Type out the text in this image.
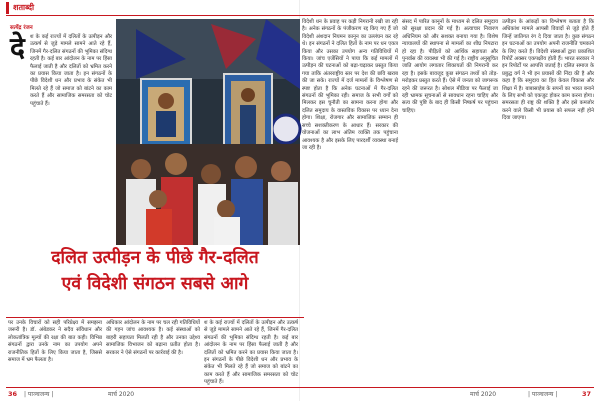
शताब्दी
सत्येंद्र रंजन
दे श के कई राज्यों में दलितों के उत्पीड़न और उत्कर्ष से जुड़े मामले सामने आते रहे हैं, जिनमें गैर-दलित संगठनों की भूमिका संदिग्ध रहती है। कई बार आंदोलन के नाम पर हिंसा फैलाई जाती है और दलितों को भ्रमित करने का प्रयास किया जाता है। इन संगठनों के पीछे विदेशी धन और प्रभाव के संकेत भी मिलते रहे हैं जो समाज को बांटने का काम करते हैं और सामाजिक समरसता को चोट पहुंचाते हैं।
दलित उत्पीड़न के पीछे गैर-दलित
एवं विदेशी संगठन सबसे आगे
पर उनके विचारों को सही परिप्रेक्ष्य में समझना जरूरी है। डॉ. अंबेडकर ने सदैव संविधान और लोकतांत्रिक मूल्यों की रक्षा की बात कही। विभिन्न संगठनों द्वारा उनके नाम का उपयोग अपने राजनीतिक हितों के लिए किया जाता है, जिससे समाज में भ्रम फैलता है।
अधिकार आंदोलन के नाम पर चल रही गतिविधियों की गहन जांच आवश्यक है। कई संस्थाओं को बाहरी सहायता मिलती रही है और उनका उद्देश्य सामाजिक विभाजन को बढ़ाना प्रतीत होता है। सरकार ने ऐसे संगठनों पर कार्रवाई की है।
श के कई राज्यों में दलितों के उत्पीड़न और उत्कर्ष से जुड़े मामले सामने आते रहे हैं, जिनमें गैर-दलित संगठनों की भूमिका संदिग्ध रहती है। कई बार आंदोलन के नाम पर हिंसा फैलाई जाती है और दलितों को भ्रमित करने का प्रयास किया जाता है। इन संगठनों के पीछे विदेशी धन और प्रभाव के संकेत भी मिलते रहे हैं जो समाज को बांटने का काम करते हैं और सामाजिक समरसता को चोट पहुंचाते हैं।
विदेशी धन के प्रवाह पर कड़ी निगरानी रखी जा रही है। अनेक संगठनों के पंजीकरण रद्द किए गए हैं जो विदेशी अंशदान नियमन कानून का उल्लंघन कर रहे थे। इन संगठनों ने दलित हितों के नाम पर धन एकत्र किया और उसका उपयोग अन्य गतिविधियों में किया। जांच एजेंसियों ने पाया कि कई मामलों में उत्पीड़न की घटनाओं को बढ़ा-चढ़ाकर प्रस्तुत किया गया ताकि अंतरराष्ट्रीय स्तर पर देश की छवि खराब की जा सके। राज्यों में दर्ज मामलों के विश्लेषण से स्पष्ट होता है कि अनेक घटनाओं में गैर-दलित संगठनों की भूमिका रही। समाज के सभी वर्गों को मिलकर इस चुनौती का सामना करना होगा और दलित समुदाय के वास्तविक विकास पर ध्यान देना होगा। शिक्षा, रोजगार और सामाजिक सम्मान ही सच्चे सशक्तीकरण के आधार हैं। सरकार की योजनाओं का लाभ अंतिम व्यक्ति तक पहुंचाना आवश्यक है और इसके लिए पारदर्शी व्यवस्था बनाई जा रही है।
संसद में पारित कानूनों के माध्यम से दलित समुदाय को सुरक्षा प्रदान की गई है। अत्याचार निवारण अधिनियम को और सशक्त बनाया गया है। विशेष न्यायालयों की स्थापना से मामलों का शीघ्र निपटारा हो रहा है। पीड़ितों को आर्थिक सहायता और पुनर्वास की व्यवस्था भी की गई है। राष्ट्रीय अनुसूचित जाति आयोग लगातार शिकायतों की निगरानी कर रहा है। इसके बावजूद कुछ संगठन तथ्यों को तोड़-मरोड़कर प्रस्तुत करते हैं। ऐसे में जनता को जागरूक रहने की जरूरत है। सोशल मीडिया पर फैलाई जा रही भ्रामक सूचनाओं से सावधान रहना चाहिए और सत्य की पुष्टि के बाद ही किसी निष्कर्ष पर पहुंचना चाहिए।
उत्पीड़न के आंकड़ों का विश्लेषण बताता है कि अधिकांश मामले आपसी विवादों से जुड़े होते हैं जिन्हें जातिगत रंग दे दिया जाता है। कुछ संगठन इन घटनाओं का उपयोग अपनी राजनीति चमकाने के लिए करते हैं। विदेशी संस्थाओं द्वारा प्रकाशित रिपोर्टें अक्सर एकपक्षीय होती हैं। भारत सरकार ने इन रिपोर्टों पर आपत्ति जताई है। दलित समाज के प्रबुद्ध वर्ग ने भी इन प्रयासों की निंदा की है और कहा है कि समुदाय का हित केवल विकास और शिक्षा में है। बाबासाहेब के सपनों का भारत बनाने के लिए सभी को एकजुट होकर काम करना होगा। समरसता ही राष्ट्र की शक्ति है और इसे कमजोर करने वाले किसी भी प्रयास को सफल नहीं होने दिया जाएगा।
36 | पाञ्चजन्य |	मार्च 2020	मार्च 2020	| पाञ्चजन्य |	37
